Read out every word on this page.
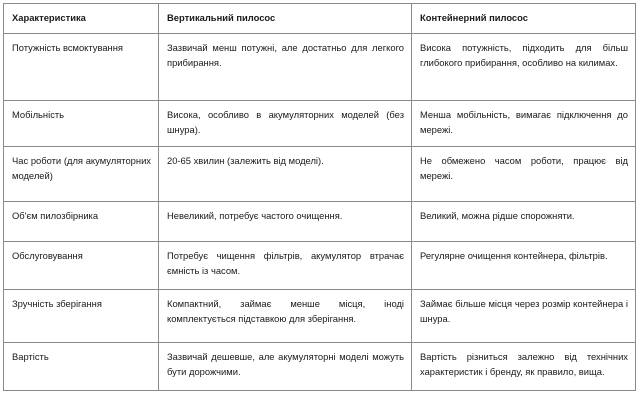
Характеристика	Вертикальний пилосос	Контейнерний пилосос
Потужність всмоктування	Зазвичай менш потужні, але достатньо для легкого прибирання.	Висока потужність, підходить для більш глибокого прибирання, особливо на килимах.
Мобільність	Висока, особливо в акумуляторних моделей (без шнура).	Менша мобільність, вимагає підключення до мережі.
Час роботи (для акумуляторних моделей)	20-65 хвилин (залежить від моделі).	Не обмежено часом роботи, працює від мережі.
Об'єм пилозбірника	Невеликий, потребує частого очищення.	Великий, можна рідше спорожняти.
Обслуговування	Потребує чищення фільтрів, акумулятор втрачає ємність із часом.	Регулярне очищення контейнера, фільтрів.
Зручність зберігання	Компактний, займає менше місця, іноді комплектується підставкою для зберігання.	Займає більше місця через розмір контейнера і шнура.
Вартість	Зазвичай дешевше, але акумуляторні моделі можуть бути дорожчими.	Вартість різниться залежно від технічних характеристик і бренду, як правило, вища.
